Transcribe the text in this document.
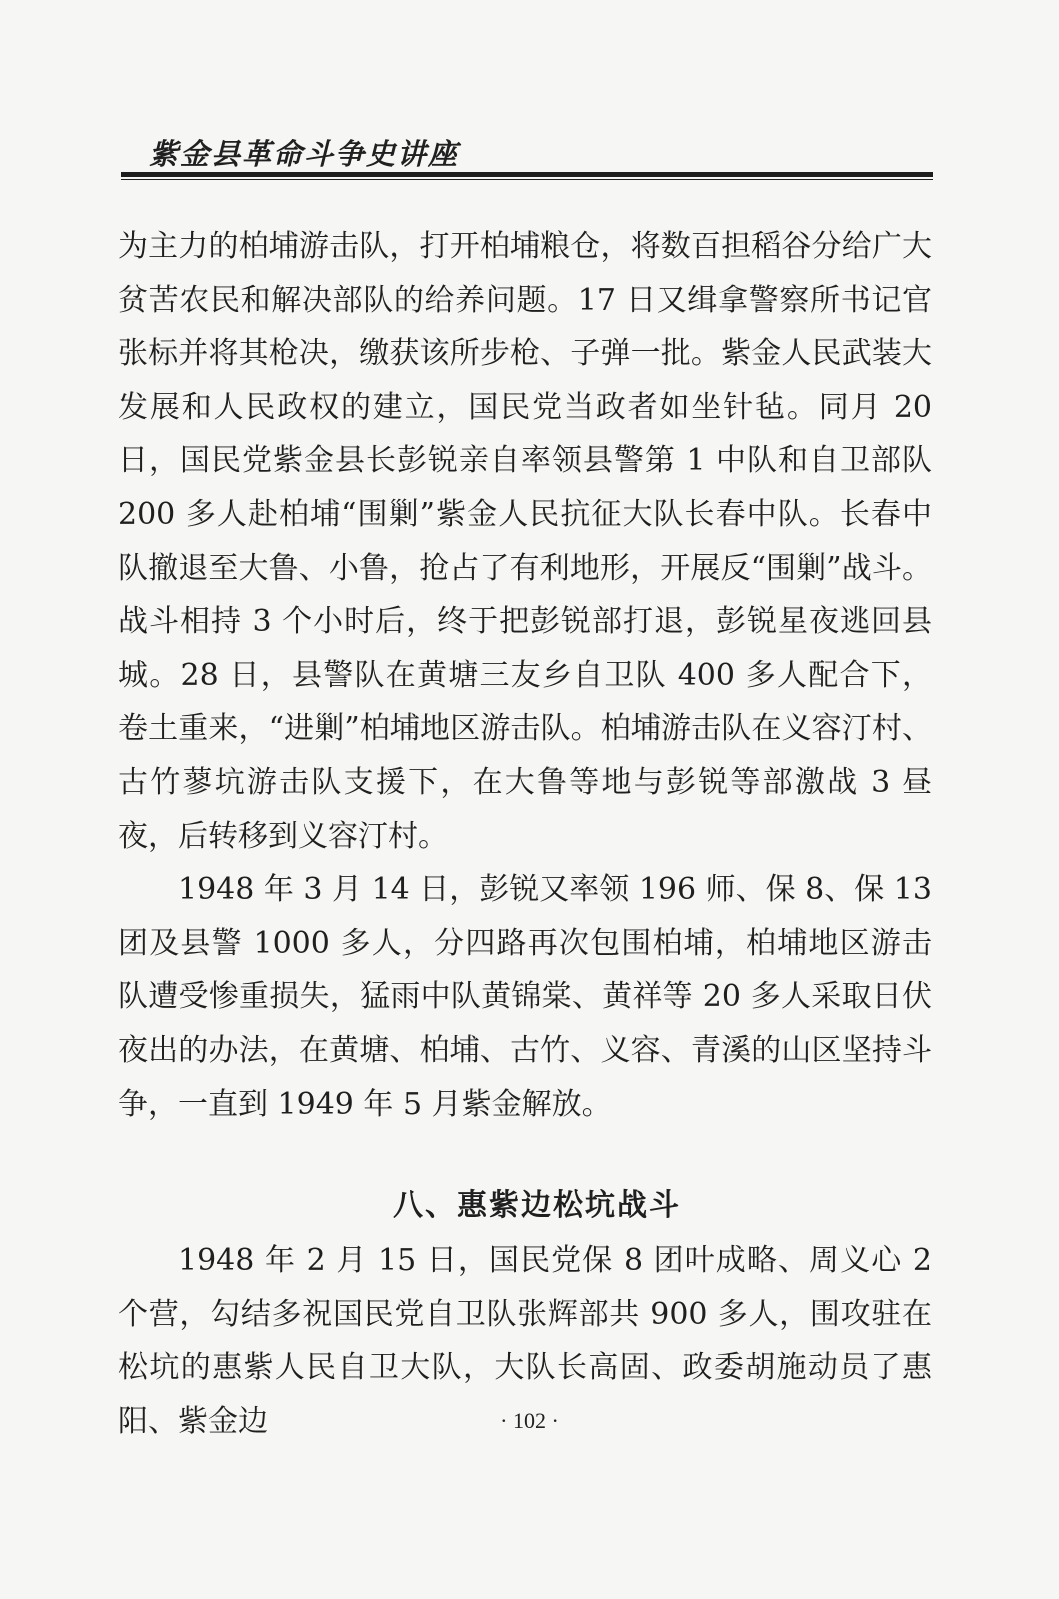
紫金县革命斗争史讲座

为主力的柏埔游击队，打开柏埔粮仓，将数百担稻谷分给广大贫苦农民和解决部队的给养问题。17 日又缉拿警察所书记官张标并将其枪决，缴获该所步枪、子弹一批。紫金人民武装大发展和人民政权的建立，国民党当政者如坐针毡。同月 20 日，国民党紫金县长彭锐亲自率领县警第 1 中队和自卫部队 200 多人赴柏埔“围剿”紫金人民抗征大队长春中队。长春中队撤退至大鲁、小鲁，抢占了有利地形，开展反“围剿”战斗。战斗相持 3 个小时后，终于把彭锐部打退，彭锐星夜逃回县城。28 日，县警队在黄塘三友乡自卫队 400 多人配合下，卷土重来，“进剿”柏埔地区游击队。柏埔游击队在义容汀村、古竹蓼坑游击队支援下，在大鲁等地与彭锐等部激战 3 昼夜，后转移到义容汀村。

1948 年 3 月 14 日，彭锐又率领 196 师、保 8、保 13 团及县警 1000 多人，分四路再次包围柏埔，柏埔地区游击队遭受惨重损失，猛雨中队黄锦棠、黄祥等 20 多人采取日伏夜出的办法，在黄塘、柏埔、古竹、义容、青溪的山区坚持斗争，一直到 1949 年 5 月紫金解放。

八、惠紫边松坑战斗

1948 年 2 月 15 日，国民党保 8 团叶成略、周义心 2 个营，勾结多祝国民党自卫队张辉部共 900 多人，围攻驻在松坑的惠紫人民自卫大队，大队长高固、政委胡施动员了惠阳、紫金边	· 102 ·
